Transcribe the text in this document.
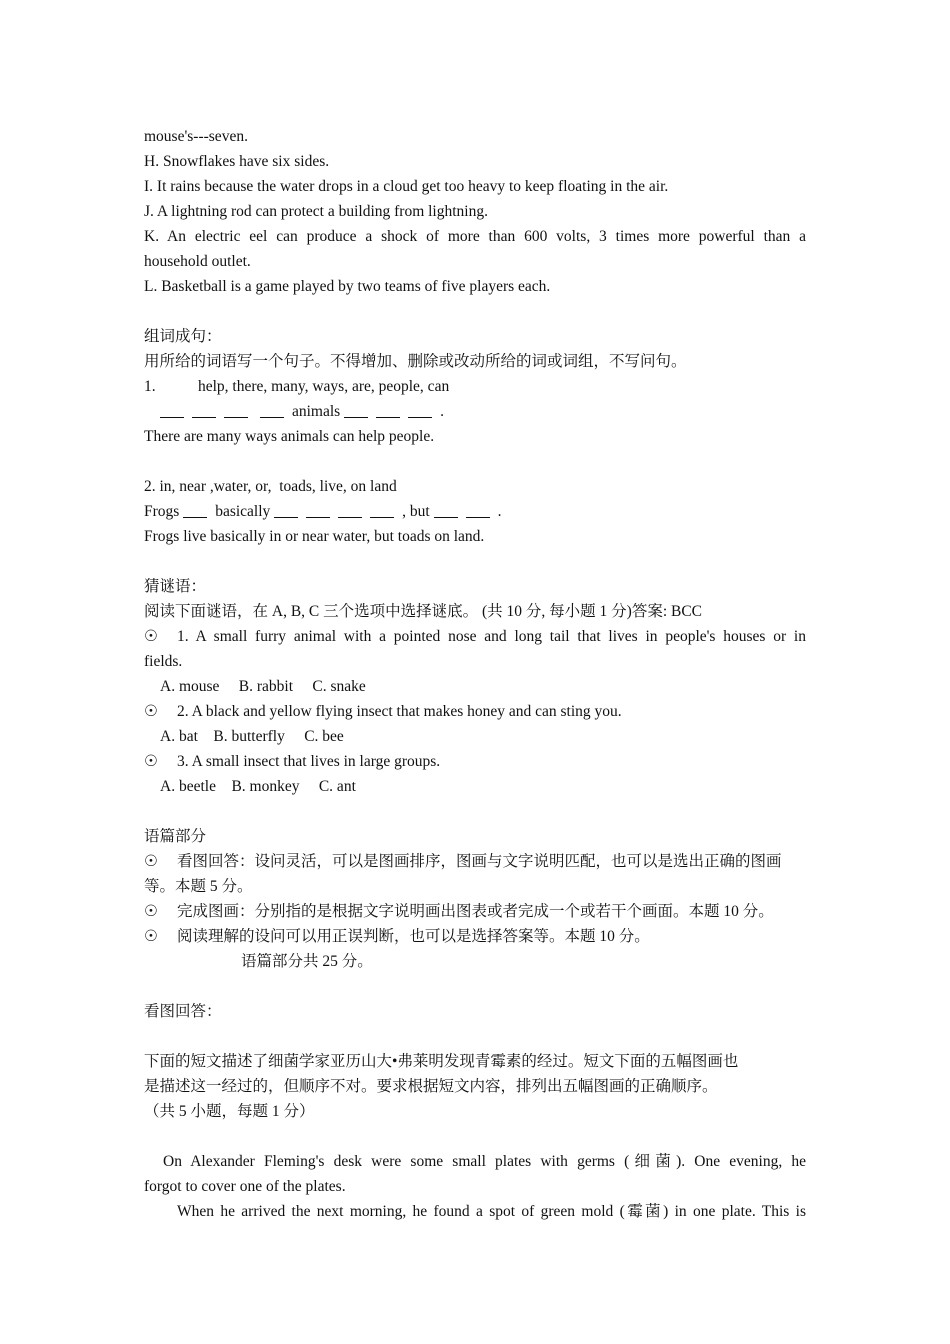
mouse's---seven.
H. Snowflakes have six sides.
I. It rains because the water drops in a cloud get too heavy to keep floating in the air.
J. A lightning rod can protect a building from lightning.
K. An electric eel can produce a shock of more than 600 volts, 3 times more powerful than a
household outlet.
L. Basketball is a game played by two teams of five players each.
组词成句：
用所给的词语写一个句子。不得增加、删除或改动所给的词或词组，不写问句。
1.	help, there, many, ways, are, people, can
animals	.
There are many ways animals can help people.
2. in, near ,water, or,  toads, live, on land
Frogs basically	, but	.
Frogs live basically in or near water, but toads on land.
猜谜语：
阅读下面谜语，在 A, B, C 三个选项中选择谜底。 (共 10 分, 每小题 1 分)答案: BCC
☉ 1. A small furry animal with a pointed nose and long tail that lives in people's houses or in
fields.
A. mouse     B. rabbit     C. snake
☉ 2. A black and yellow flying insect that makes honey and can sting you.
A. bat    B. butterfly     C. bee
☉ 3. A small insect that lives in large groups.
A. beetle    B. monkey     C. ant
语篇部分
☉ 看图回答：设问灵活，可以是图画排序，图画与文字说明匹配，也可以是选出正确的图画
等。本题 5 分。
☉ 完成图画：分别指的是根据文字说明画出图表或者完成一个或若干个画面。本题 10 分。
☉ 阅读理解的设问可以用正误判断，也可以是选择答案等。本题 10 分。
语篇部分共 25 分。
看图回答：
下面的短文描述了细菌学家亚历山大•弗莱明发现青霉素的经过。短文下面的五幅图画也
是描述这一经过的，但顺序不对。要求根据短文内容，排列出五幅图画的正确顺序。
（共 5 小题，每题 1 分）
On Alexander Fleming's desk were some small plates with germs (细菌). One evening, he
forgot to cover one of the plates.
When he arrived the next morning, he found a spot of green mold (霉菌) in one plate. This is
